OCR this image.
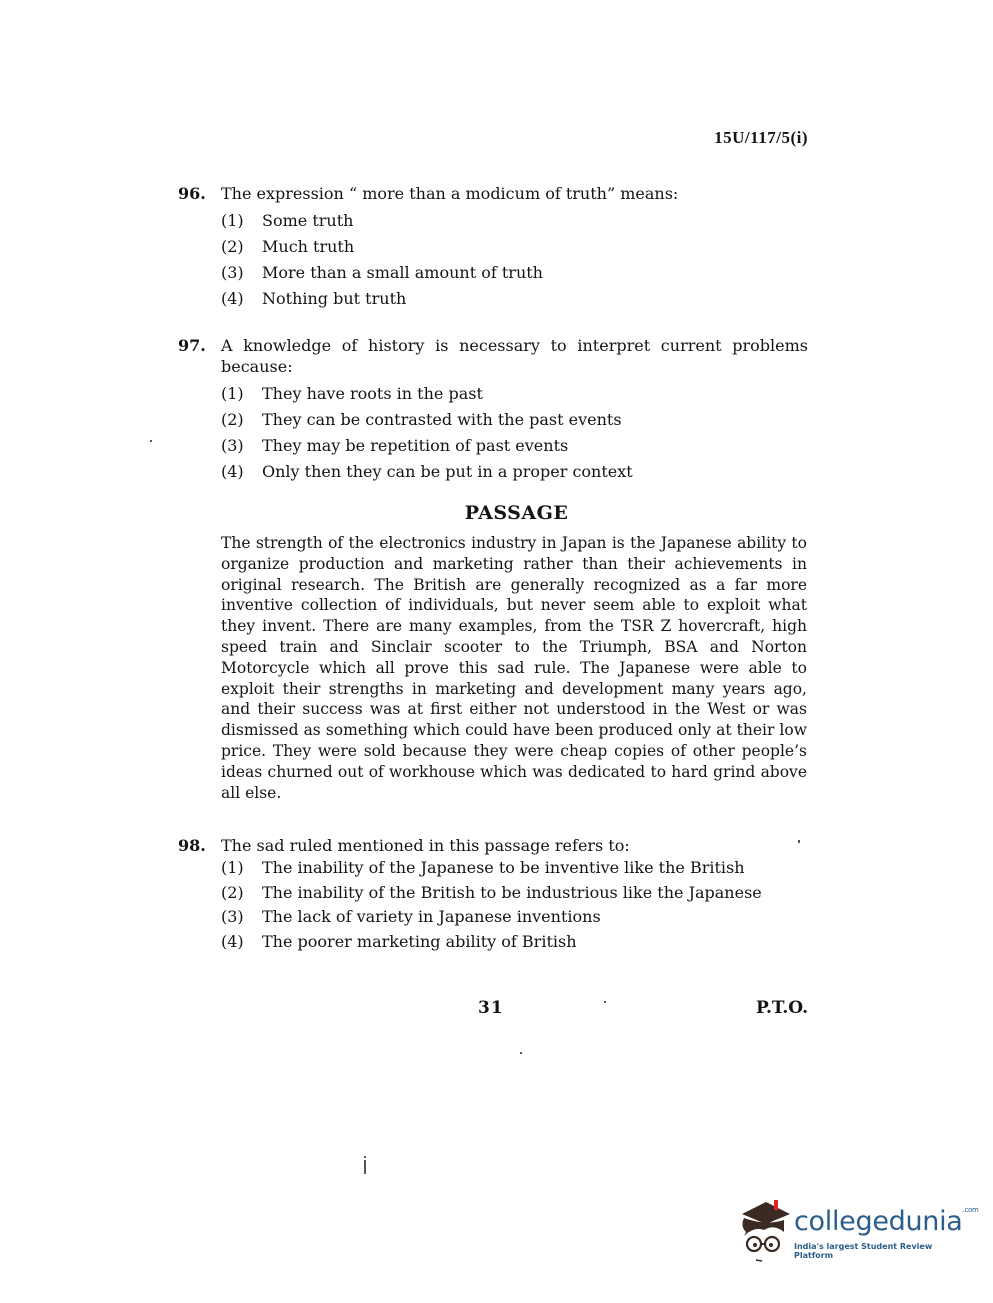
15U/117/5(i)
96. The expression “ more than a modicum of truth” means:
(1)	Some truth
(2)	Much truth
(3)	More than a small amount of truth
(4)	Nothing but truth
97. A knowledge of history is necessary to interpret current problems because:
(1)	They have roots in the past
(2)	They can be contrasted with the past events
(3)	They may be repetition of past events
(4)	Only then they can be put in a proper context
PASSAGE
The strength of the electronics industry in Japan is the Japanese ability to organize production and marketing rather than their achievements in original research. The British are generally recognized as a far more inventive collection of individuals, but never seem able to exploit what they invent. There are many examples, from the TSR Z hovercraft, high speed train and Sinclair scooter to the Triumph, BSA and Norton Motorcycle which all prove this sad rule. The Japanese were able to exploit their strengths in marketing and development many years ago, and their success was at first either not understood in the West or was dismissed as something which could have been produced only at their low price. They were sold because they were cheap copies of other people’s ideas churned out of workhouse which was dedicated to hard grind above all else.
98. The sad ruled mentioned in this passage refers to:
(1)	The inability of the Japanese to be inventive like the British
(2)	The inability of the British to be industrious like the Japanese
(3)	The lack of variety in Japanese inventions
(4)	The poorer marketing ability of British
31	P.T.O.
collegedunia$^{.com}$
India's largest Student Review Platform
